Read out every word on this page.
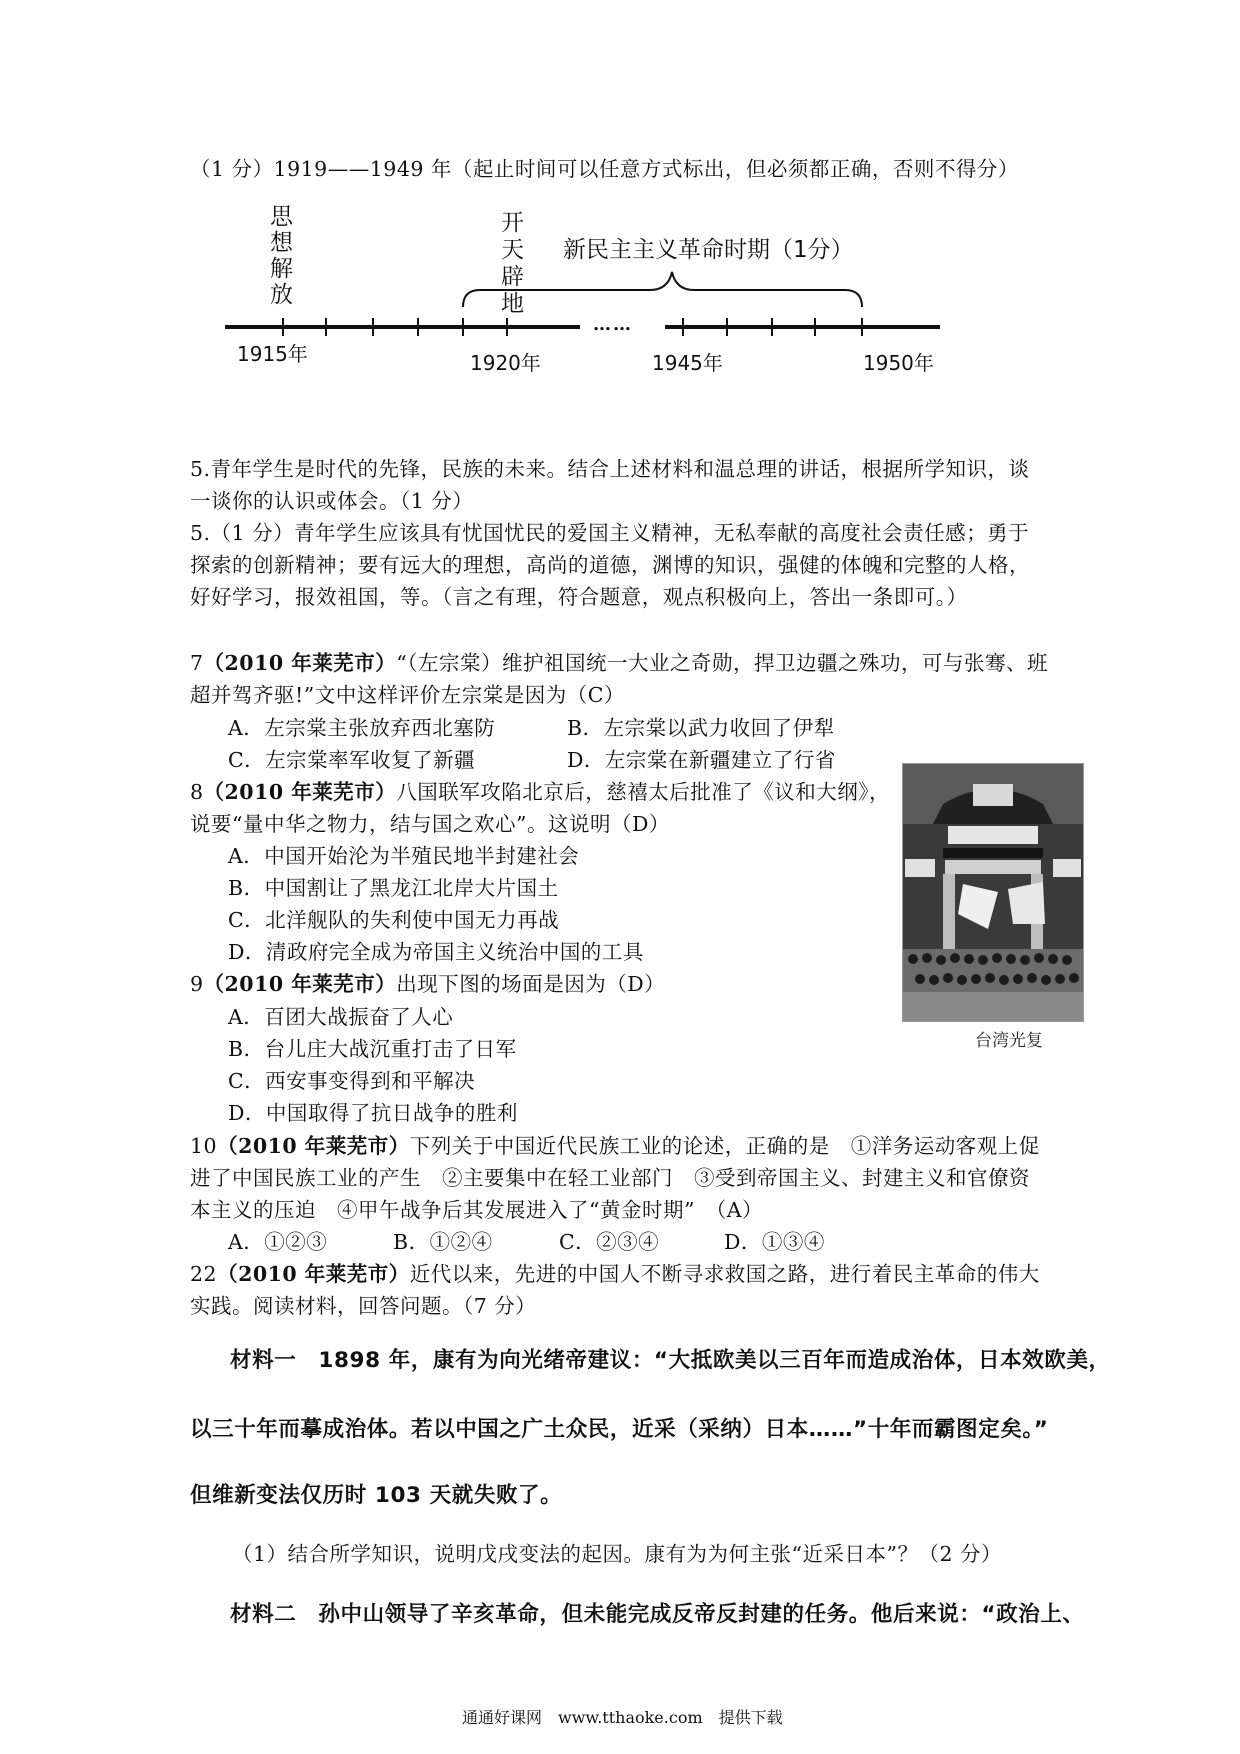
（1 分）1919——1949 年（起止时间可以任意方式标出，但必须都正确，否则不得分）
思想解放
开天辟地
新民主主义革命时期（1分）
……
1915年	1920年	1945年	1950年
5.青年学生是时代的先锋，民族的未来。结合上述材料和温总理的讲话，根据所学知识，谈
一谈你的认识或体会。（1 分）
5.（1 分）青年学生应该具有忧国忧民的爱国主义精神，无私奉献的高度社会责任感；勇于
探索的创新精神；要有远大的理想，高尚的道德，渊博的知识，强健的体魄和完整的人格，
好好学习，报效祖国，等。（言之有理，符合题意，观点积极向上，答出一条即可。）
7（2010 年莱芜市）“（左宗棠）维护祖国统一大业之奇勋，捍卫边疆之殊功，可与张骞、班
超并驾齐驱!”文中这样评价左宗棠是因为（C）
A．左宗棠主张放弃西北塞防	B．左宗棠以武力收回了伊犁
C．左宗棠率军收复了新疆	D．左宗棠在新疆建立了行省
8（2010 年莱芜市）八国联军攻陷北京后，慈禧太后批准了《议和大纲》，
说要“量中华之物力，结与国之欢心”。这说明（D）
A．中国开始沦为半殖民地半封建社会
B．中国割让了黑龙江北岸大片国土
C．北洋舰队的失利使中国无力再战
D．清政府完全成为帝国主义统治中国的工具
9（2010 年莱芜市）出现下图的场面是因为（D）
A．百团大战振奋了人心
B．台儿庄大战沉重打击了日军
C．西安事变得到和平解决
D．中国取得了抗日战争的胜利
台湾光复
10（2010 年莱芜市）下列关于中国近代民族工业的论述，正确的是　①洋务运动客观上促
进了中国民族工业的产生　②主要集中在轻工业部门　③受到帝国主义、封建主义和官僚资
本主义的压迫　④甲午战争后其发展进入了“黄金时期”　（A）
A．①②③	B．①②④	C．②③④	D．①③④
22（2010 年莱芜市）近代以来，先进的中国人不断寻求救国之路，进行着民主革命的伟大
实践。阅读材料，回答问题。（7 分）
材料一　1898 年，康有为向光绪帝建议：“大抵欧美以三百年而造成治体，日本效欧美，
以三十年而摹成治体。若以中国之广土众民，近采（采纳）日本……”十年而霸图定矣。”
但维新变法仅历时 103 天就失败了。
（1）结合所学知识，说明戊戌变法的起因。康有为为何主张“近采日本”？（2 分）
材料二　孙中山领导了辛亥革命，但未能完成反帝反封建的任务。他后来说：“政治上、
通通好课网　www.tthaoke.com　提供下载
